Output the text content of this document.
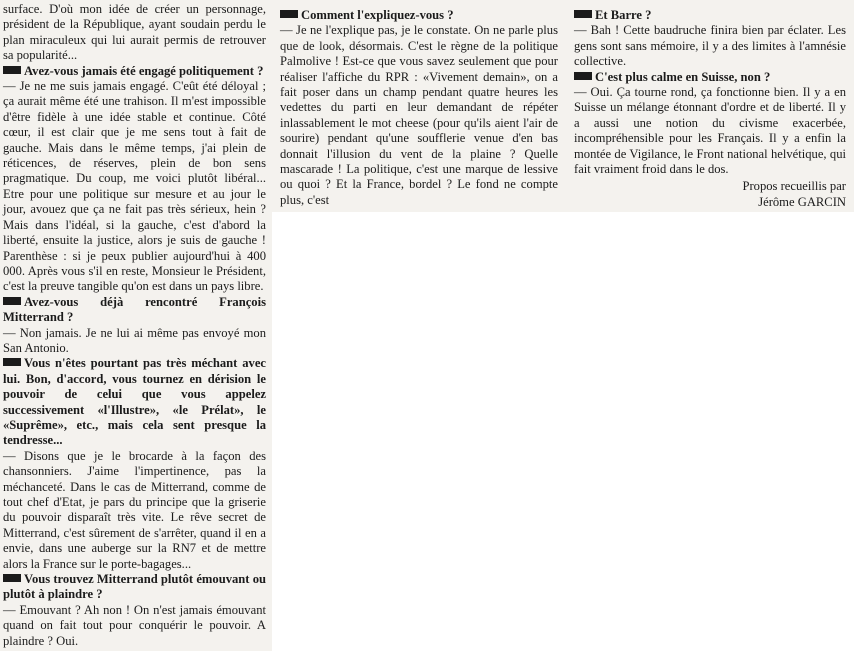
surface. D'où mon idée de créer un personnage, président de la République, ayant soudain perdu le plan miraculeux qui lui aurait permis de retrouver sa popularité...

Avez-vous jamais été engagé politiquement ?

— Je ne me suis jamais engagé. C'eût été déloyal ; ça aurait même été une trahison. Il m'est impossible d'être fidèle à une idée stable et continue. Côté cœur, il est clair que je me sens tout à fait de gauche. Mais dans le même temps, j'ai plein de réticences, de réserves, plein de bon sens pragmatique. Du coup, me voici plutôt libéral... Etre pour une politique sur mesure et au jour le jour, avouez que ça ne fait pas très sérieux, hein ? Mais dans l'idéal, si la gauche, c'est d'abord la liberté, ensuite la justice, alors je suis de gauche ! Parenthèse : si je peux publier aujourd'hui à 400 000. Après vous s'il en reste, Monsieur le Président, c'est la preuve tangible qu'on est dans un pays libre.

Avez-vous déjà rencontré François Mitterrand ?

— Non jamais. Je ne lui ai même pas envoyé mon San Antonio.

Vous n'êtes pourtant pas très méchant avec lui. Bon, d'accord, vous tournez en dérision le pouvoir de celui que vous appelez successivement «l'Illustre», «le Prélat», le «Suprême», etc., mais cela sent presque la tendresse...

— Disons que je le brocarde à la façon des chansonniers. J'aime l'impertinence, pas la méchanceté. Dans le cas de Mitterrand, comme de tout chef d'Etat, je pars du principe que la griserie du pouvoir disparaît très vite. Le rêve secret de Mitterrand, c'est sûrement de s'arrêter, quand il en a envie, dans une auberge sur la RN7 et de mettre alors la France sur le porte-bagages...

Vous trouvez Mitterrand plutôt émouvant ou plutôt à plaindre ?

— Emouvant ? Ah non ! On n'est jamais émouvant quand on fait tout pour conquérir le pouvoir. A plaindre ? Oui.

Comment l'expliquez-vous ?

— Je ne l'explique pas, je le constate. On ne parle plus que de look, désormais. C'est le règne de la politique Palmolive ! Est-ce que vous savez seulement que pour réaliser l'affiche du RPR : «Vivement demain», on a fait poser dans un champ pendant quatre heures les vedettes du parti en leur demandant de répéter inlassablement le mot cheese (pour qu'ils aient l'air de sourire) pendant qu'une soufflerie venue d'en bas donnait l'illusion du vent de la plaine ? Quelle mascarade ! La politique, c'est une marque de lessive ou quoi ? Et la France, bordel ? Le fond ne compte plus, c'est

Et Barre ?

— Bah ! Cette baudruche finira bien par éclater. Les gens sont sans mémoire, il y a des limites à l'amnésie collective.

C'est plus calme en Suisse, non ?

— Oui. Ça tourne rond, ça fonctionne bien. Il y a en Suisse un mélange étonnant d'ordre et de liberté. Il y a aussi une notion du civisme exacerbée, incompréhensible pour les Français. Il y a enfin la montée de Vigilance, le Front national helvétique, qui fait vraiment froid dans le dos.

Propos recueillis par
Jérôme GARCIN
